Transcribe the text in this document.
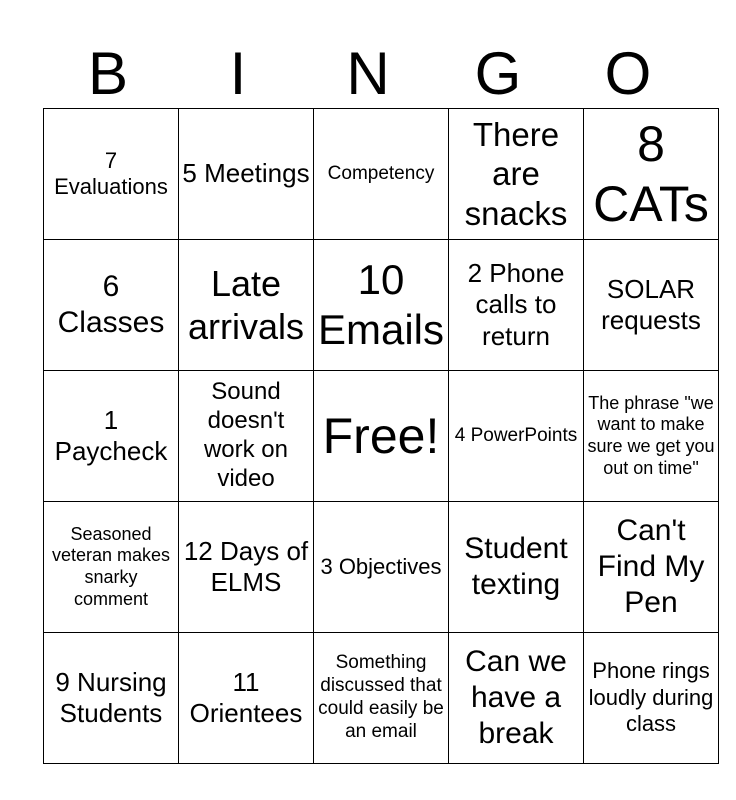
B	I	N	G	O
7 Evaluations	5 Meetings	Competency	There are snacks	8 CATs
6 Classes	Late arrivals	10 Emails	2 Phone calls to return	SOLAR requests
1 Paycheck	Sound doesn't work on video	Free!	4 PowerPoints	The phrase "we want to make sure we get you out on time"
Seasoned veteran makes snarky comment	12 Days of ELMS	3 Objectives	Student texting	Can't Find My Pen
9 Nursing Students	11 Orientees	Something discussed that could easily be an email	Can we have a break	Phone rings loudly during class
